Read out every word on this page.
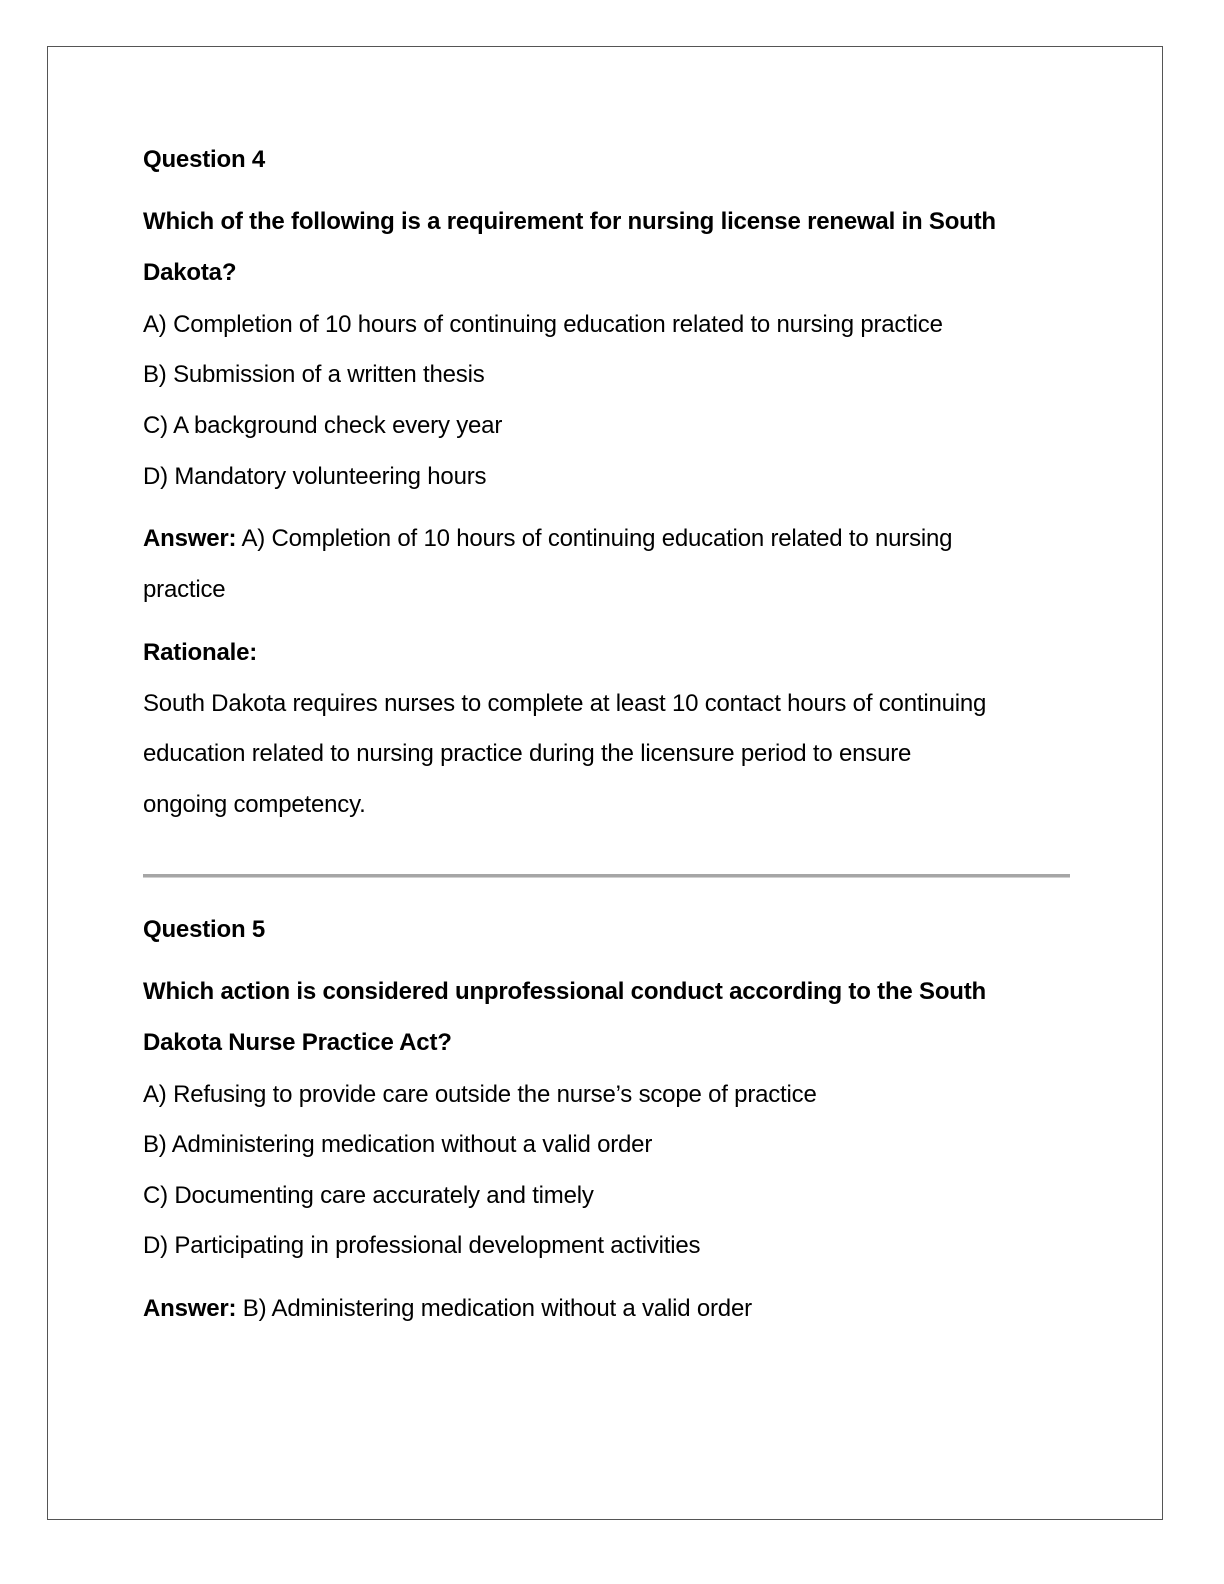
Question 4
Which of the following is a requirement for nursing license renewal in South
Dakota?
A) Completion of 10 hours of continuing education related to nursing practice
B) Submission of a written thesis
C) A background check every year
D) Mandatory volunteering hours
Answer: A) Completion of 10 hours of continuing education related to nursing
practice
Rationale:
South Dakota requires nurses to complete at least 10 contact hours of continuing
education related to nursing practice during the licensure period to ensure
ongoing competency.
Question 5
Which action is considered unprofessional conduct according to the South
Dakota Nurse Practice Act?
A) Refusing to provide care outside the nurse’s scope of practice
B) Administering medication without a valid order
C) Documenting care accurately and timely
D) Participating in professional development activities
Answer: B) Administering medication without a valid order
